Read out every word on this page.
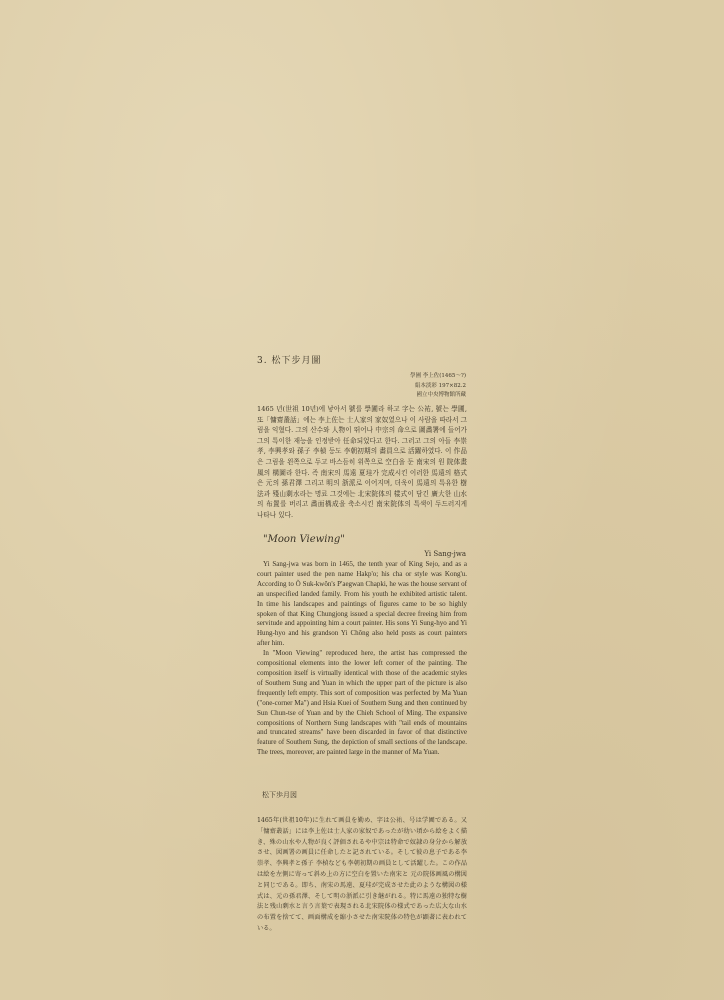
3. 松下步月圖
學圃 李上佐(1465～?)
絹本淡彩 197×82.2
國立中央博物館所藏

1465 년(世祖 10년)에 낳아서 號를 學圃라 하고 字는 公祐, 號는 學圃, 또「慵齋叢話」에는 李上佐는 士人家의 家奴였으나 이 사람을 따라서 그림을 익혔다. 그의 산수와 人物이 뛰어나 中宗의 命으로 圖畵署에 들어가 그의 특이한 재능을 인정받아 任命되었다고 한다. 그러고 그의 아들 李崇孝, 李興孝와 孫子 李楨 등도 李朝初期의 畵員으로 活躍하였다. 이 作品은 그림을 왼쪽으로 두고 바스듬히 위쪽으로 空白을 둔 南宋의 원 院体畫風의 構圖라 한다. 즉 南宋의 馬遠 夏珪가 完成시킨 이러한 馬遠의 格式은 元의 孫君澤 그리고 明의 浙派로 이어지며, 더욱이 馬遠의 특유한 樹法과 殘山剩水라는 명료 그것에는 北宋院体의 樣式이 담긴 廣大한 山水의 布置를 버리고 畵面構成을 축소시킨 南宋院体의 특색이 두드러지게 나타나 있다.

"Moon Viewing"
Yi Sang-jwa

Yi Sang-jwa was born in 1465, the tenth year of King Sejo, and as a court painter used the pen name Hakp'o; his cha or style was Kong'u. According to Ŏ Suk-kwŏn's P'aegwan Chapki, he was the house servant of an unspecified landed family. From his youth he exhibited artistic talent. In time his landscapes and paintings of figures came to be so highly spoken of that King Chungjong issued a special decree freeing him from servitude and appointing him a court painter. His sons Yi Sung-hyo and Yi Hung-hyo and his grandson Yi Chŏng also held posts as court painters after him.

In "Moon Viewing" reproduced here, the artist has compressed the compositional elements into the lower left corner of the painting. The composition itself is virtually identical with those of the academic styles of Southern Sung and Yuan in which the upper part of the picture is also frequently left empty. This sort of composition was perfected by Ma Yuan ("one-corner Ma") and Hsia Kuei of Southern Sung and then continued by Sun Chun-tse of Yuan and by the Chieh School of Ming. The expansive compositions of Northern Sung landscapes with "tail ends of mountains and truncated streams" have been discarded in favor of that distinctive feature of Southern Sung, the depiction of small sections of the landscape. The trees, moreover, are painted large in the manner of Ma Yuan.

松下歩月図

1465年(世祖10年)に生れて画員を勤め、字は公祐、号は学圃である。又「慵齋叢話」には李上佐は士人家の家奴であったが幼い頃から絵をよく描き、殊の山水や人物が良く評価されるや中宗は特命で奴隷の身分から解放させ、図画署の画員に任命したと記されている。そして彼の息子である李崇孝、李興孝と孫子 李楨なども李朝初期の画員として活躍した。この作品は絵を左側に寄って斜め上の方に空白を置いた南宋と 元の院体画風の構図と同じである。即ち、南宋の馬遠、夏珪が完成させた此のような構図の様式は、元の孫君澤、そして明の浙派に引き継がれる。特に馬遠の独特な樹法と残山剰水と言う言葉で表現される北宋院体の様式であった広大な山水の布置を捨てて、画面構成を縮小させた南宋院体の特色が顕著に表われている。
